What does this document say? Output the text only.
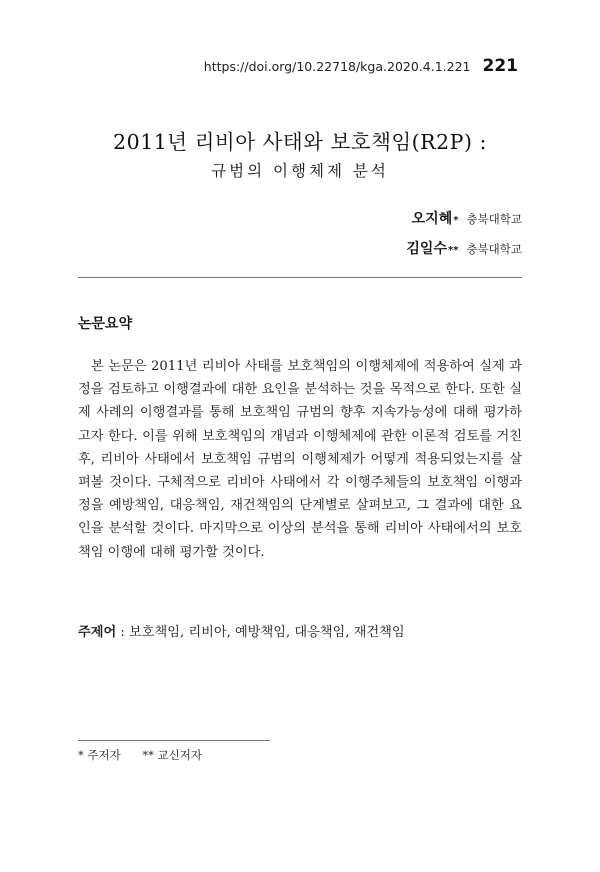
https://doi.org/10.22718/kga.2020.4.1.221 221
2011년 리비아 사태와 보호책임(R2P) :
규범의 이행체제 분석
오지혜 * 충북대학교
김일수 ** 충북대학교
논문요약

본 논문은 2011년 리비아 사태를 보호책임의 이행체제에 적용하여 실제 과정을 검토하고 이행결과에 대한 요인을 분석하는 것을 목적으로 한다. 또한 실제 사례의 이행결과를 통해 보호책임 규범의 향후 지속가능성에 대해 평가하고자 한다. 이를 위해 보호책임의 개념과 이행체제에 관한 이론적 검토를 거친 후, 리비아 사태에서 보호책임 규범의 이행체제가 어떻게 적용되었는지를 살펴볼 것이다. 구체적으로 리비아 사태에서 각 이행주체들의 보호책임 이행과정을 예방책임, 대응책임, 재건책임의 단계별로 살펴보고, 그 결과에 대한 요인을 분석할 것이다. 마지막으로 이상의 분석을 통해 리비아 사태에서의 보호책임 이행에 대해 평가할 것이다.

주제어 : 보호책임, 리비아, 예방책임, 대응책임, 재건책임
* 주저자 ** 교신저자
